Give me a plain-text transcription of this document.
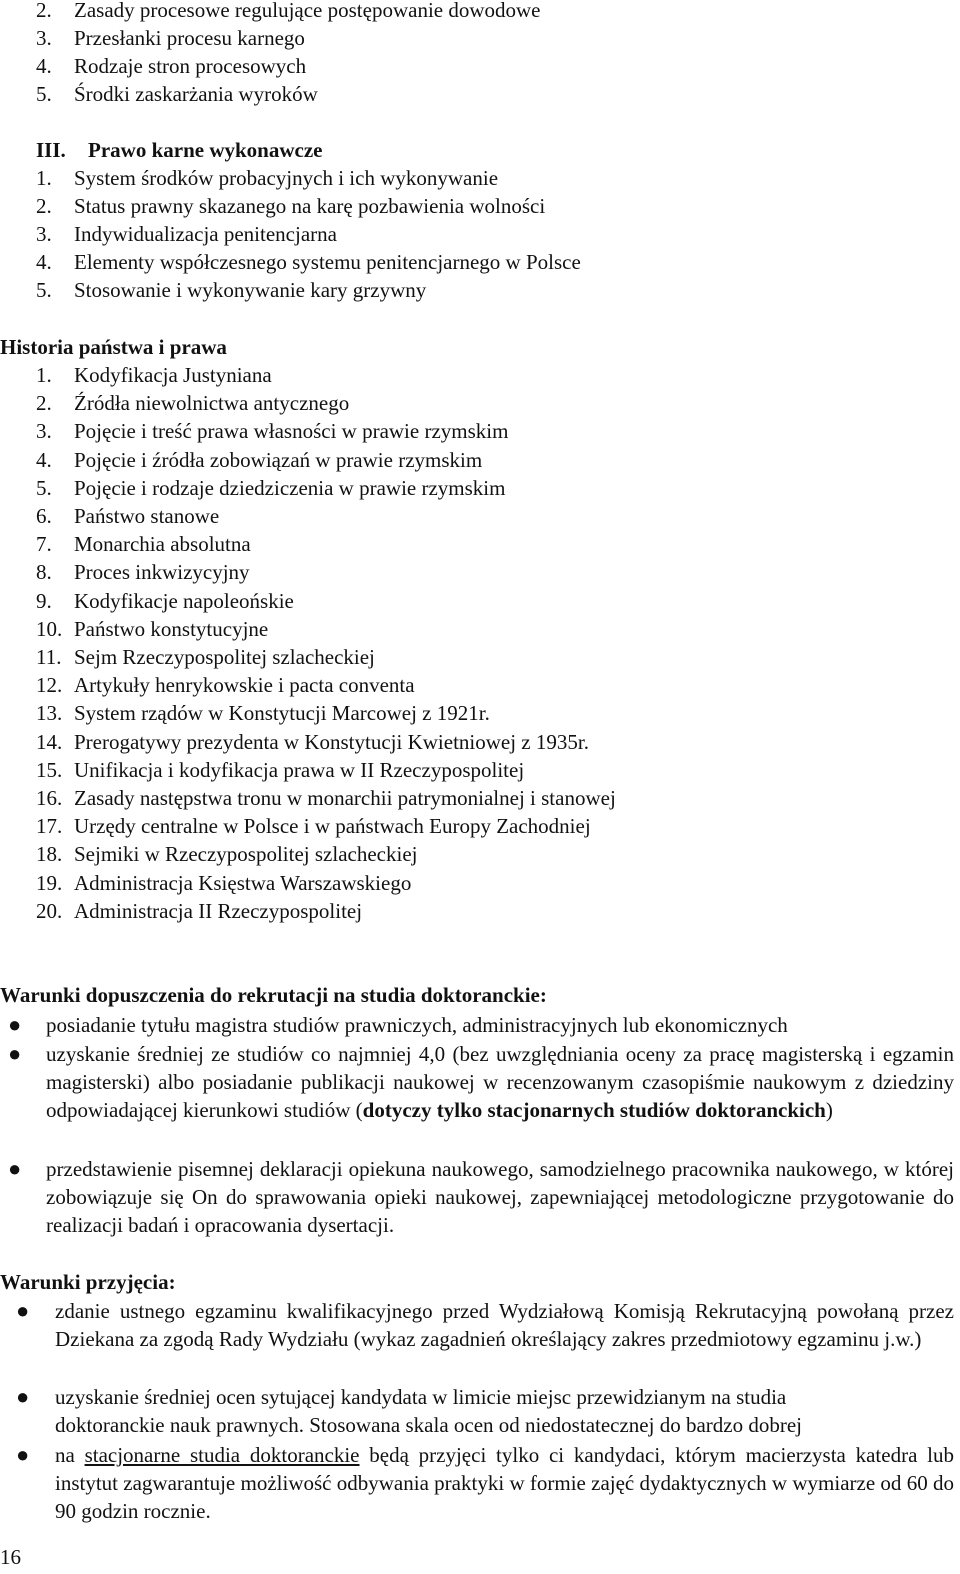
2. Zasady procesowe regulujące postępowanie dowodowe
3. Przesłanki procesu karnego
4. Rodzaje stron procesowych
5. Środki zaskarżania wyroków
III. Prawo karne wykonawcze
1. System środków probacyjnych i ich wykonywanie
2. Status prawny skazanego na karę pozbawienia wolności
3. Indywidualizacja penitencjarna
4. Elementy współczesnego systemu penitencjarnego w Polsce
5. Stosowanie i wykonywanie kary grzywny
Historia państwa i prawa
1. Kodyfikacja Justyniana
2. Źródła niewolnictwa antycznego
3. Pojęcie i treść prawa własności w prawie rzymskim
4. Pojęcie i źródła zobowiązań w prawie rzymskim
5. Pojęcie i rodzaje dziedziczenia w prawie rzymskim
6. Państwo stanowe
7. Monarchia absolutna
8. Proces inkwizycyjny
9. Kodyfikacje napoleońskie
10. Państwo konstytucyjne
11. Sejm Rzeczypospolitej szlacheckiej
12. Artykuły henrykowskie i pacta conventa
13. System rządów w Konstytucji Marcowej z 1921r.
14. Prerogatywy prezydenta w Konstytucji Kwietniowej z 1935r.
15. Unifikacja i kodyfikacja prawa w II Rzeczypospolitej
16. Zasady następstwa tronu w monarchii patrymonialnej i stanowej
17. Urzędy centralne w Polsce i w państwach Europy Zachodniej
18. Sejmiki w Rzeczypospolitej szlacheckiej
19. Administracja Księstwa Warszawskiego
20. Administracja II Rzeczypospolitej
Warunki dopuszczenia do rekrutacji na studia doktoranckie:
● posiadanie tytułu magistra studiów prawniczych, administracyjnych lub ekonomicznych
● uzyskanie średniej ze studiów co najmniej 4,0 (bez uwzględniania oceny za pracę magisterską i egzamin magisterski) albo posiadanie publikacji naukowej w recenzowanym czasopiśmie naukowym z dziedziny odpowiadającej kierunkowi studiów (dotyczy tylko stacjonarnych studiów doktoranckich)
● przedstawienie pisemnej deklaracji opiekuna naukowego, samodzielnego pracownika naukowego, w której zobowiązuje się On do sprawowania opieki naukowej, zapewniającej metodologiczne przygotowanie do realizacji badań i opracowania dysertacji.
Warunki przyjęcia:
● zdanie ustnego egzaminu kwalifikacyjnego przed Wydziałową Komisją Rekrutacyjną powołaną przez Dziekana za zgodą Rady Wydziału (wykaz zagadnień określający zakres przedmiotowy egzaminu j.w.)
● uzyskanie średniej ocen sytującej kandydata w limicie miejsc przewidzianym na studia
doktoranckie nauk prawnych. Stosowana skala ocen od niedostatecznej do bardzo dobrej
● na stacjonarne studia doktoranckie będą przyjęci tylko ci kandydaci, którym macierzysta katedra lub instytut zagwarantuje możliwość odbywania praktyki w formie zajęć dydaktycznych w wymiarze od 60 do 90 godzin rocznie.
16
